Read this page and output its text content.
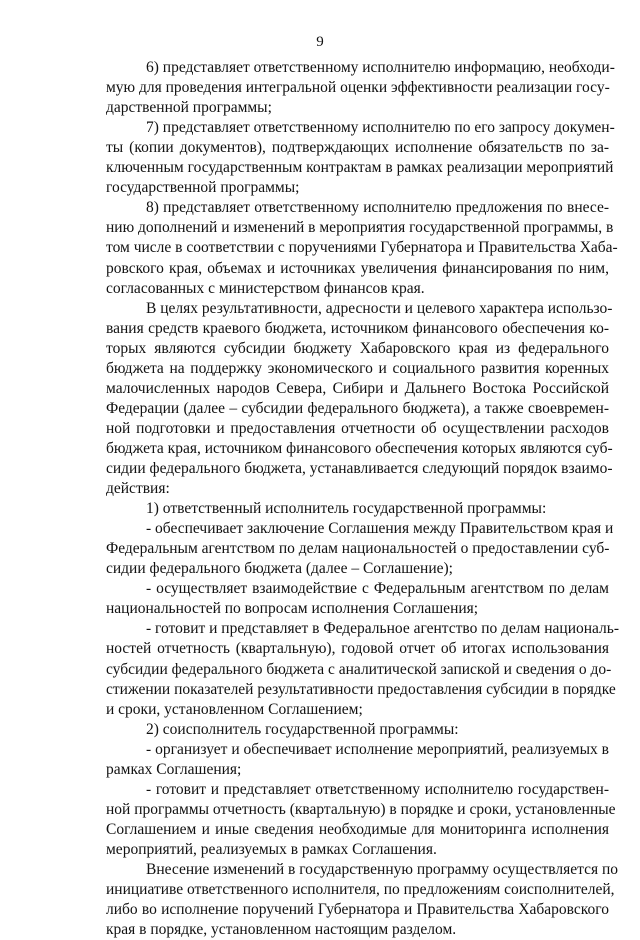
9
6) представляет ответственному исполнителю информацию, необходи-
мую для проведения интегральной оценки эффективности реализации госу-
дарственной программы;
7) представляет ответственному исполнителю по его запросу докумен-
ты (копии документов), подтверждающих исполнение обязательств по за-
ключенным государственным контрактам в рамках реализации мероприятий
государственной программы;
8) представляет ответственному исполнителю предложения по внесе-
нию дополнений и изменений в мероприятия государственной программы, в
том числе в соответствии с поручениями Губернатора и Правительства Хаба-
ровского края, объемах и источниках увеличения финансирования по ним,
согласованных с министерством финансов края.
В целях результативности, адресности и целевого характера использо-
вания средств краевого бюджета, источником финансового обеспечения ко-
торых являются субсидии бюджету Хабаровского края из федерального
бюджета на поддержку экономического и социального развития коренных
малочисленных народов Севера, Сибири и Дальнего Востока Российской
Федерации (далее – субсидии федерального бюджета), а также своевремен-
ной подготовки и предоставления отчетности об осуществлении расходов
бюджета края, источником финансового обеспечения которых являются суб-
сидии федерального бюджета, устанавливается следующий порядок взаимо-
действия:
1) ответственный исполнитель государственной программы:
- обеспечивает заключение Соглашения между Правительством края и
Федеральным агентством по делам национальностей о предоставлении суб-
сидии федерального бюджета (далее – Соглашение);
- осуществляет взаимодействие с Федеральным агентством по делам
национальностей по вопросам исполнения Соглашения;
- готовит и представляет в Федеральное агентство по делам националь-
ностей отчетность (квартальную), годовой отчет об итогах использования
субсидии федерального бюджета с аналитической запиской и сведения о до-
стижении показателей результативности предоставления субсидии в порядке
и сроки, установленном Соглашением;
2) соисполнитель государственной программы:
- организует и обеспечивает исполнение мероприятий, реализуемых в
рамках Соглашения;
- готовит и представляет ответственному исполнителю государствен-
ной программы отчетность (квартальную) в порядке и сроки, установленные
Соглашением и иные сведения необходимые для мониторинга исполнения
мероприятий, реализуемых в рамках Соглашения.
Внесение изменений в государственную программу осуществляется по
инициативе ответственного исполнителя, по предложениям соисполнителей,
либо во исполнение поручений Губернатора и Правительства Хабаровского
края в порядке, установленном настоящим разделом.
